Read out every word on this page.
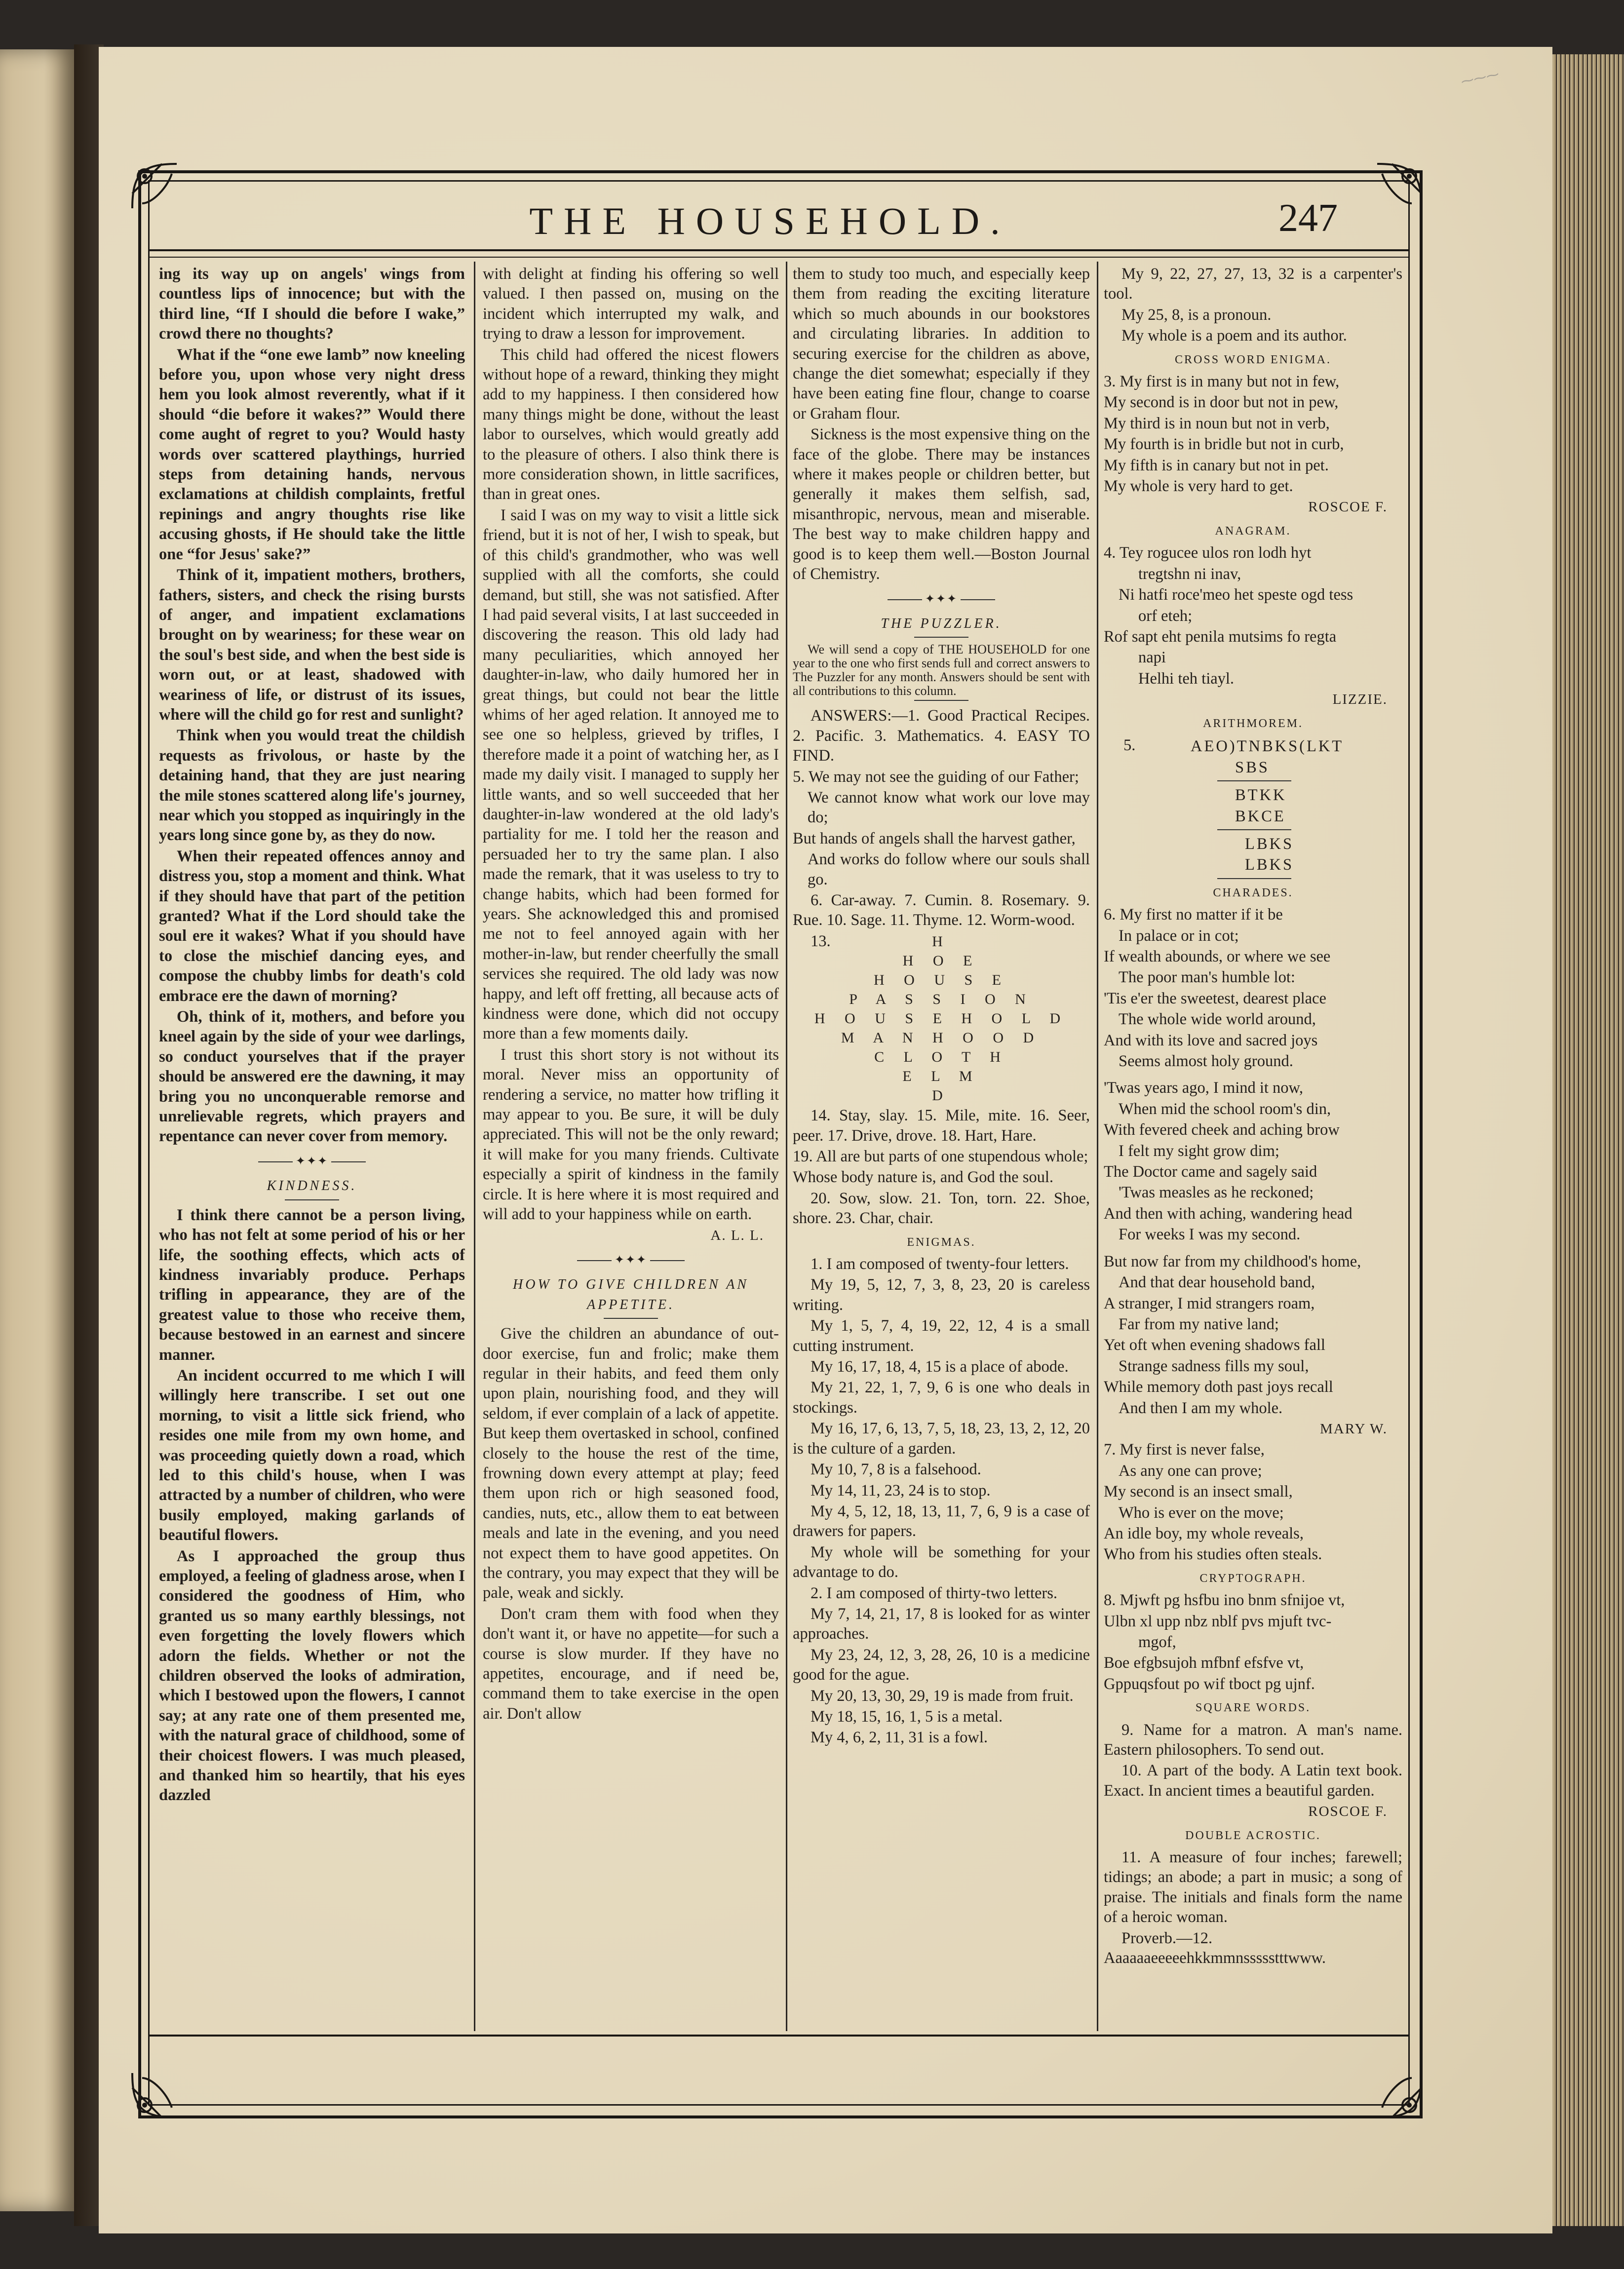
⁓⁓⁓
THE HOUSEHOLD.	247

ing its way up on angels' wings from countless lips of innocence; but with the third line, “If I should die before I wake,” crowd there no thoughts?

What if the “one ewe lamb” now kneeling before you, upon whose very night dress hem you look almost reverently, what if it should “die before it wakes?” Would there come aught of regret to you? Would hasty words over scattered playthings, hurried steps from detaining hands, nervous exclamations at childish complaints, fretful repinings and angry thoughts rise like accusing ghosts, if He should take the little one “for Jesus' sake?”

Think of it, impatient mothers, brothers, fathers, sisters, and check the rising bursts of anger, and impatient exclamations brought on by weariness; for these wear on the soul's best side, and when the best side is worn out, or at least, shadowed with weariness of life, or distrust of its issues, where will the child go for rest and sunlight?

Think when you would treat the childish requests as frivolous, or haste by the detaining hand, that they are just nearing the mile stones scattered along life's journey, near which you stopped as inquiringly in the years long since gone by, as they do now.

When their repeated offences annoy and distress you, stop a moment and think. What if they should have that part of the petition granted? What if the Lord should take the soul ere it wakes? What if you should have to close the mischief dancing eyes, and compose the chubby limbs for death's cold embrace ere the dawn of morning?

Oh, think of it, mothers, and before you kneel again by the side of your wee darlings, so conduct yourselves that if the prayer should be answered ere the dawning, it may bring you no unconquerable remorse and unrelievable regrets, which prayers and repentance can never cover from memory.

✦✦✦

KINDNESS.

I think there cannot be a person living, who has not felt at some period of his or her life, the soothing effects, which acts of kindness invariably produce. Perhaps trifling in appearance, they are of the greatest value to those who receive them, because bestowed in an earnest and sincere manner.

An incident occurred to me which I will willingly here transcribe. I set out one morning, to visit a little sick friend, who resides one mile from my own home, and was proceeding quietly down a road, which led to this child's house, when I was attracted by a number of children, who were busily employed, making garlands of beautiful flowers.

As I approached the group thus employed, a feeling of gladness arose, when I considered the goodness of Him, who granted us so many earthly blessings, not even forgetting the lovely flowers which adorn the fields. Whether or not the children observed the looks of admiration, which I bestowed upon the flowers, I cannot say; at any rate one of them presented me, with the natural grace of childhood, some of their choicest flowers. I was much pleased, and thanked him so heartily, that his eyes dazzled

with delight at finding his offering so well valued. I then passed on, musing on the incident which interrupted my walk, and trying to draw a lesson for improvement.

This child had offered the nicest flowers without hope of a reward, thinking they might add to my happiness. I then considered how many things might be done, without the least labor to ourselves, which would greatly add to the pleasure of others. I also think there is more consideration shown, in little sacrifices, than in great ones.

I said I was on my way to visit a little sick friend, but it is not of her, I wish to speak, but of this child's grandmother, who was well supplied with all the comforts, she could demand, but still, she was not satisfied. After I had paid several visits, I at last succeeded in discovering the reason. This old lady had many peculiarities, which annoyed her daughter-in-law, who daily humored her in great things, but could not bear the little whims of her aged relation. It annoyed me to see one so helpless, grieved by trifles, I therefore made it a point of watching her, as I made my daily visit. I managed to supply her little wants, and so well succeeded that her daughter-in-law wondered at the old lady's partiality for me. I told her the reason and persuaded her to try the same plan. I also made the remark, that it was useless to try to change habits, which had been formed for years. She acknowledged this and promised me not to feel annoyed again with her mother-in-law, but render cheerfully the small services she required. The old lady was now happy, and left off fretting, all because acts of kindness were done, which did not occupy more than a few moments daily.

I trust this short story is not without its moral. Never miss an opportunity of rendering a service, no matter how trifling it may appear to you. Be sure, it will be duly appreciated. This will not be the only reward; it will make for you many friends. Cultivate especially a spirit of kindness in the family circle. It is here where it is most required and will add to your happiness while on earth.

A. L. L.

✦✦✦

HOW TO GIVE CHILDREN AN APPETITE.

Give the children an abundance of out-door exercise, fun and frolic; make them regular in their habits, and feed them only upon plain, nourishing food, and they will seldom, if ever complain of a lack of appetite. But keep them overtasked in school, confined closely to the house the rest of the time, frowning down every attempt at play; feed them upon rich or high seasoned food, candies, nuts, etc., allow them to eat between meals and late in the evening, and you need not expect them to have good appetites. On the contrary, you may expect that they will be pale, weak and sickly.

Don't cram them with food when they don't want it, or have no appetite—for such a course is slow murder. If they have no appetites, encourage, and if need be, command them to take exercise in the open air. Don't allow

them to study too much, and especially keep them from reading the exciting literature which so much abounds in our bookstores and circulating libraries. In addition to securing exercise for the children as above, change the diet somewhat; especially if they have been eating fine flour, change to coarse or Graham flour.

Sickness is the most expensive thing on the face of the globe. There may be instances where it makes people or children better, but generally it makes them selfish, sad, misanthropic, nervous, mean and miserable. The best way to make children happy and good is to keep them well.—Boston Journal of Chemistry.

✦✦✦

THE PUZZLER.

We will send a copy of THE HOUSEHOLD for one year to the one who first sends full and correct answers to The Puzzler for any month. Answers should be sent with all contributions to this column.

ANSWERS:—1. Good Practical Recipes. 2. Pacific. 3. Mathematics. 4. EASY TO FIND.

5. We may not see the guiding of our Father;

We cannot know what work our love may do;

But hands of angels shall the harvest gather,

And works do follow where our souls shall go.

6. Car-away. 7. Cumin. 8. Rosemary. 9. Rue. 10. Sage. 11. Thyme. 12. Worm-wood.

13.	H

H O E

H O U S E

P A S S I O N

H O U S E H O L D

M A N H O O D

C L O T H

E L M

D

14. Stay, slay. 15. Mile, mite. 16. Seer, peer. 17. Drive, drove. 18. Hart, Hare.

19. All are but parts of one stupendous whole;

Whose body nature is, and God the soul.

20. Sow, slow. 21. Ton, torn. 22. Shoe, shore. 23. Char, chair.

ENIGMAS.

1. I am composed of twenty-four letters.

My 19, 5, 12, 7, 3, 8, 23, 20 is careless writing.

My 1, 5, 7, 4, 19, 22, 12, 4 is a small cutting instrument.

My 16, 17, 18, 4, 15 is a place of abode.

My 21, 22, 1, 7, 9, 6 is one who deals in stockings.

My 16, 17, 6, 13, 7, 5, 18, 23, 13, 2, 12, 20 is the culture of a garden.

My 10, 7, 8 is a falsehood.

My 14, 11, 23, 24 is to stop.

My 4, 5, 12, 18, 13, 11, 7, 6, 9 is a case of drawers for papers.

My whole will be something for your advantage to do.

2. I am composed of thirty-two letters.

My 7, 14, 21, 17, 8 is looked for as winter approaches.

My 23, 24, 12, 3, 28, 26, 10 is a medicine good for the ague.

My 20, 13, 30, 29, 19 is made from fruit.

My 18, 15, 16, 1, 5 is a metal.

My 4, 6, 2, 11, 31 is a fowl.

My 9, 22, 27, 27, 13, 32 is a carpenter's tool.

My 25, 8, is a pronoun.

My whole is a poem and its author.

CROSS WORD ENIGMA.

3. My first is in many but not in few,

My second is in door but not in pew,

My third is in noun but not in verb,

My fourth is in bridle but not in curb,

My fifth is in canary but not in pet.

My whole is very hard to get.

ROSCOE F.

ANAGRAM.

4. Tey rogucee ulos ron lodh hyt

tregtshn ni inav,

Ni hatfi roce'meo het speste ogd tess

orf eteh;

Rof sapt eht penila mutsims fo regta

napi

Helhi teh tiayl.

LIZZIE.

ARITHMOREM.

5.	AEO)TNBKS(LKT

SBS

BTKK

BKCE

LBKS

LBKS

CHARADES.

6. My first no matter if it be

In palace or in cot;

If wealth abounds, or where we see

The poor man's humble lot:

'Tis e'er the sweetest, dearest place

The whole wide world around,

And with its love and sacred joys

Seems almost holy ground.

'Twas years ago, I mind it now,

When mid the school room's din,

With fevered cheek and aching brow

I felt my sight grow dim;

The Doctor came and sagely said

'Twas measles as he reckoned;

And then with aching, wandering head

For weeks I was my second.

But now far from my childhood's home,

And that dear household band,

A stranger, I mid strangers roam,

Far from my native land;

Yet oft when evening shadows fall

Strange sadness fills my soul,

While memory doth past joys recall

And then I am my whole.

MARY W.

7. My first is never false,

As any one can prove;

My second is an insect small,

Who is ever on the move;

An idle boy, my whole reveals,

Who from his studies often steals.

CRYPTOGRAPH.

8. Mjwft pg hsfbu ino bnm sfnijoe vt,

Ulbn xl upp nbz nblf pvs mjuft tvc-

mgof,

Boe efgbsujoh mfbnf efsfve vt,

Gppuqsfout po wif tboct pg ujnf.

SQUARE WORDS.

9. Name for a matron. A man's name. Eastern philosophers. To send out.

10. A part of the body. A Latin text book. Exact. In ancient times a beautiful garden.

ROSCOE F.

DOUBLE ACROSTIC.

11. A measure of four inches; farewell; tidings; an abode; a part in music; a song of praise. The initials and finals form the name of a heroic woman.

Proverb.—12. Aaaaaaeeeeehkkmmnssssstttwww.
